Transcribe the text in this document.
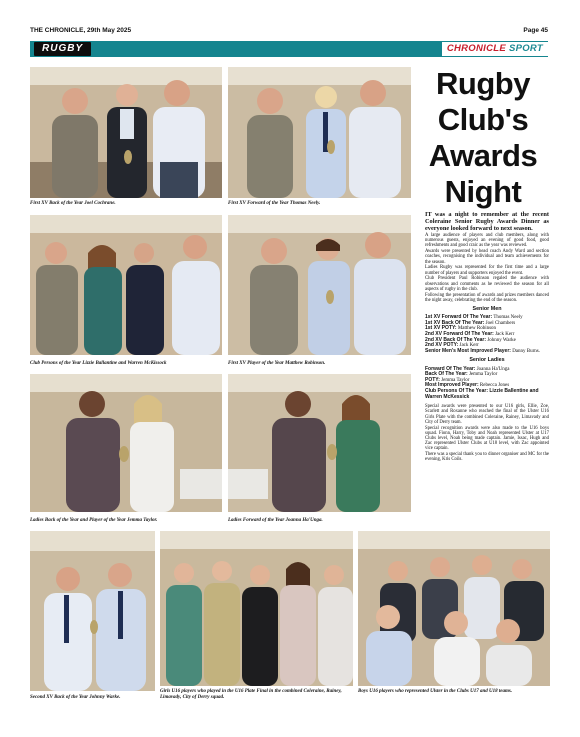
THE CHRONICLE, 29th May 2025	Page 45
RUGBY	CHRONICLE SPORT
First XV Back of the Year Joel Cochrane.	First XV Forward of the Year Thomas Neely.
Club Persons of the Year Lizzie Ballantine and Warren McKissock	First XV Player of the Year Matthew Robinson.
Ladies Back of the Year and Player of the Year Jemma Taylor.	Ladies Forward of the Year Joanna Ha'Unga.
Second XV Back of the Year Johnny Warke.
Girls U16 players who played in the U16 Plate Final in the combined Coleraine, Rainey, Limavady, City of Derry squad.
Boys U16 players who represented Ulster in the Clubs U17 and U18 teams.
Rugby
Club's
Awards
Night

IT was a night to remember at the recent Coleraine Senior Rugby Awards Dinner as everyone looked forward to next season.

A large audience of players and club members, along with numerous guests, enjoyed an evening of good food, good refreshments and good craic as the year was reviewed.

Awards were presented by head coach Andy Ward and section coaches, recognising the individual and team achievements for the season.

Ladies Rugby was represented for the first time and a large number of players and supporters enjoyed the event.

Club President Paul Robinson regaled the audience with observations and comments as he reviewed the season for all aspects of rugby in the club.

Following the presentation of awards and prizes members danced the night away, celebrating the end of the season.

Senior Men
1st XV Forward Of The Year: Thomas Neely
1st XV Back Of The Year: Joel Chambers
1st XV POTY: Matthew Robinson
2nd XV Forward Of The Year: Jack Kerr
2nd XV Back Of The Year: Johnny Warke
2nd XV POTY: Jack Kerr
Senior Men's Most Improved Player: Danny Burns.
Senior Ladies
Forward Of The Year: Joanna Ha'Unga
Back Of The Year: Jemma Taylor
POTY: Jemma Taylor
Most Improved Player: Rebecca Jones
Club Persons Of The Year: Lizzie Ballentine and Warren McKessick

Special awards were presented to our U16 girls, Ellie, Zoe, Scarlett and Roxanne who reached the final of the Ulster U16 Girls Plate with the combined Coleraine, Rainey, Limavady and City of Derry team.

Special recognition awards were also made to the U16 boys squad. Fionn, Harry, Toby and Noah represented Ulster at U17 Clubs level, Noah being made captain. Jamie, Issac, Hugh and Zac represented Ulster Clubs at U18 level, with Zac appointed vice captain.

There was a special thank you to dinner organiser and MC for the evening, Kris Coils.
